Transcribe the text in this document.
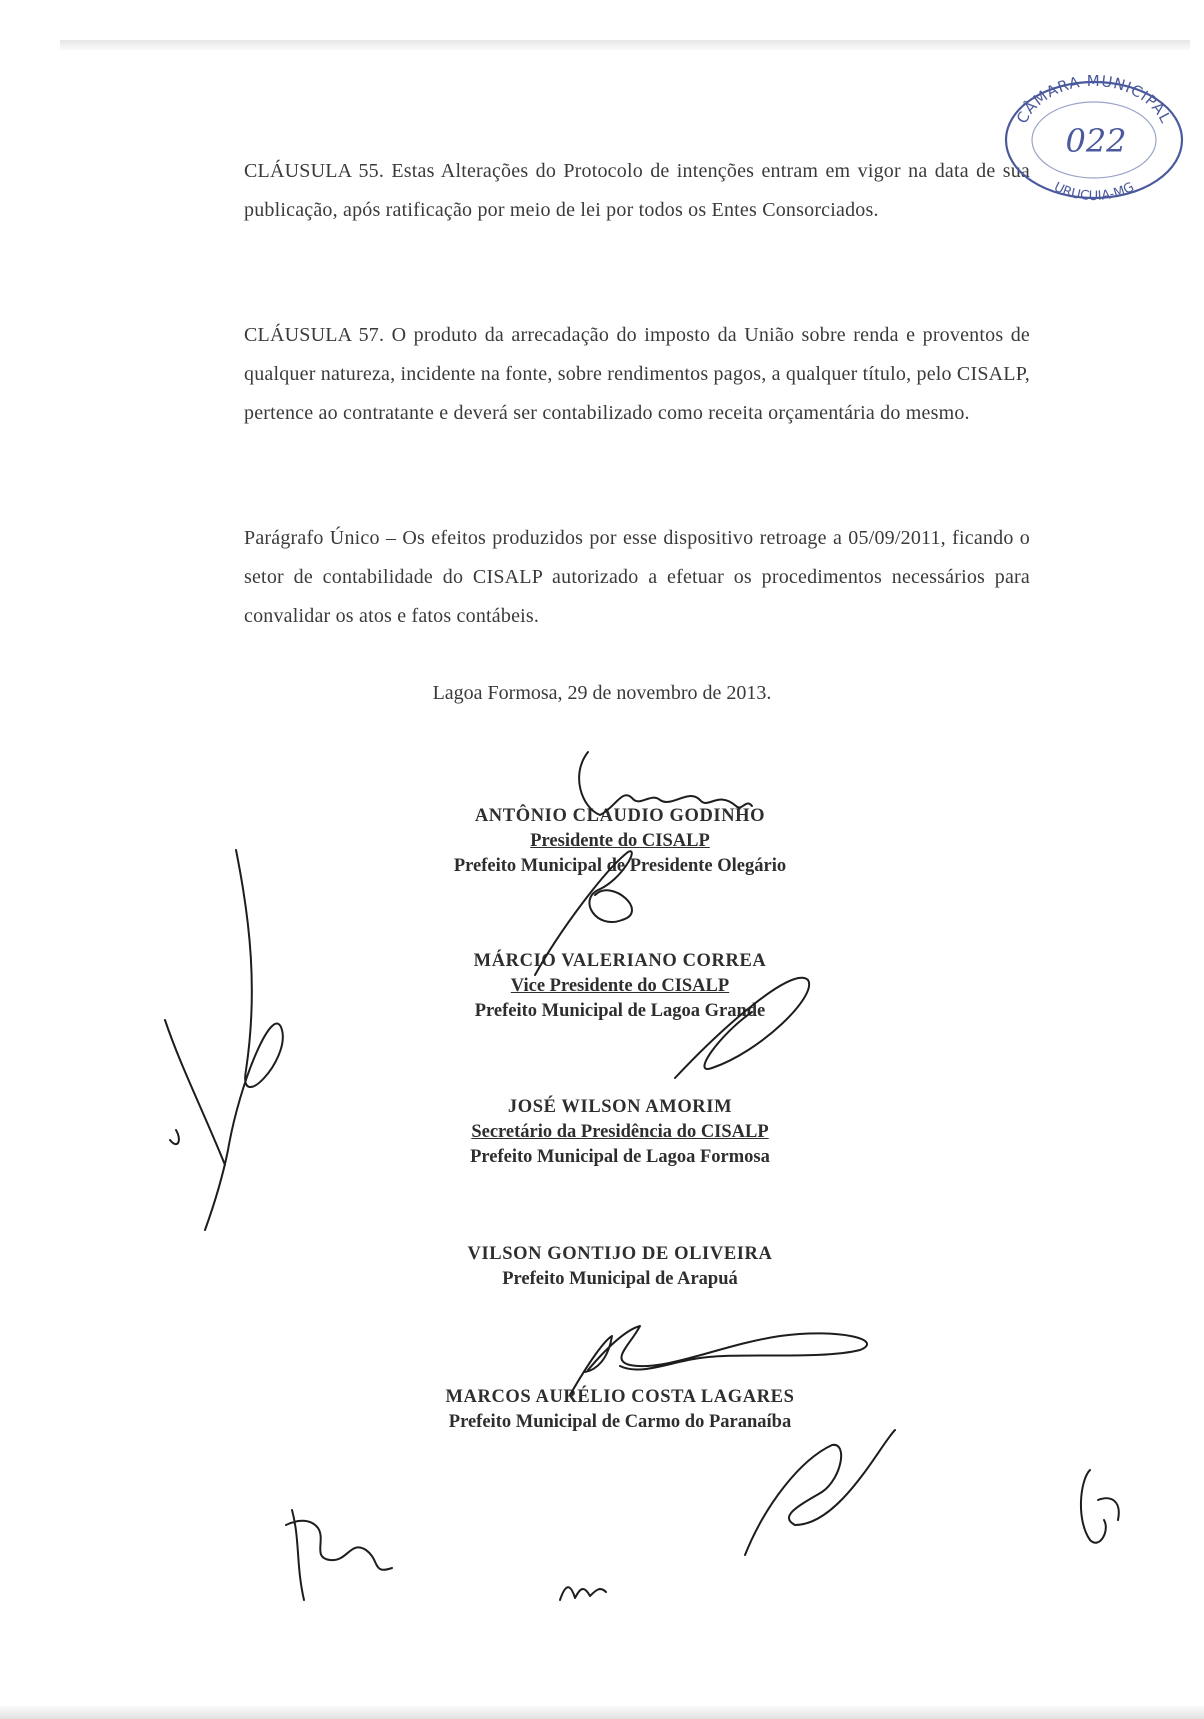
CLÁUSULA 55. Estas Alterações do Protocolo de intenções entram em vigor na data de sua publicação, após ratificação por meio de lei por todos os Entes Consorciados.

CLÁUSULA 57. O produto da arrecadação do imposto da União sobre renda e proventos de qualquer natureza, incidente na fonte, sobre rendimentos pagos, a qualquer título, pelo CISALP, pertence ao contratante e deverá ser contabilizado como receita orçamentária do mesmo.

Parágrafo Único – Os efeitos produzidos por esse dispositivo retroage a 05/09/2011, ficando o setor de contabilidade do CISALP autorizado a efetuar os procedimentos necessários para convalidar os atos e fatos contábeis.

Lagoa Formosa, 29 de novembro de 2013.
ANTÔNIO CLAUDIO GODINHO
Presidente do CISALP
Prefeito Municipal de Presidente Olegário
MÁRCIO VALERIANO CORREA
Vice Presidente do CISALP
Prefeito Municipal de Lagoa Grande
JOSÉ WILSON AMORIM
Secretário da Presidência do CISALP
Prefeito Municipal de Lagoa Formosa
VILSON GONTIJO DE OLIVEIRA
Prefeito Municipal de Arapuá
MARCOS AURÉLIO COSTA LAGARES
Prefeito Municipal de Carmo do Paranaíba
CÂMARA MUNICIPAL
022
URUCUIA-MG
